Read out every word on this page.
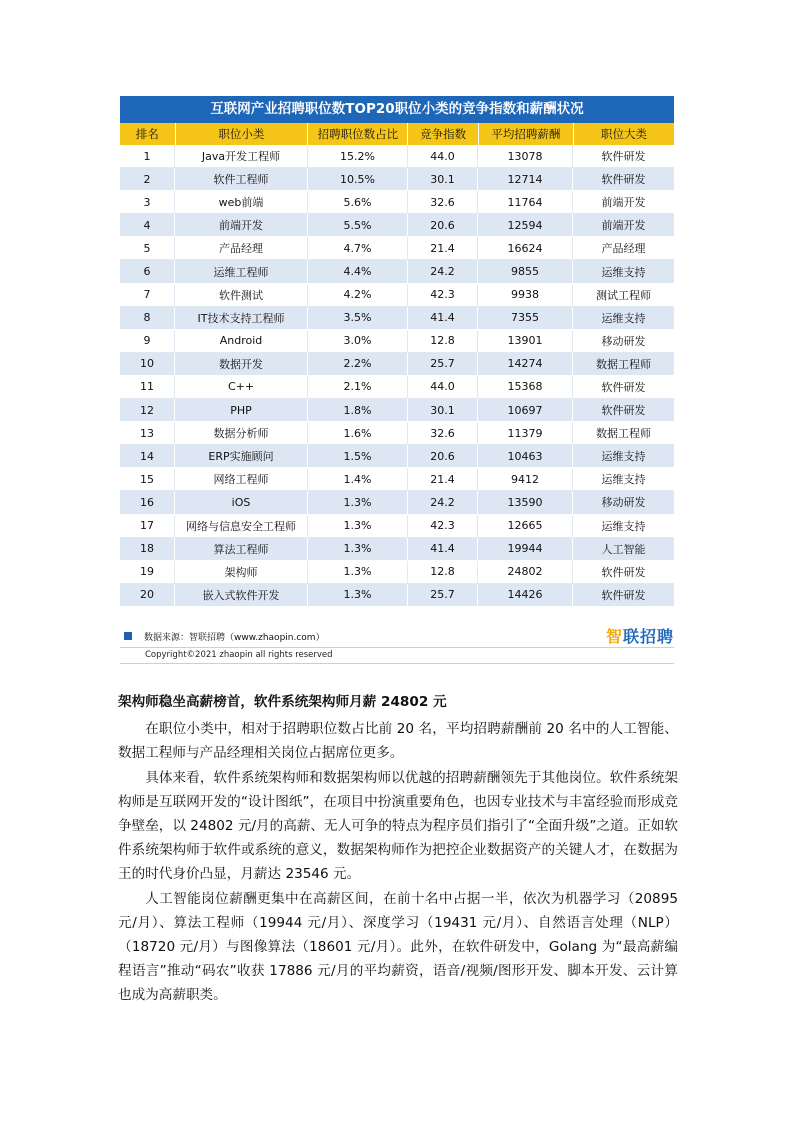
互联网产业招聘职位数TOP20职位小类的竞争指数和薪酬状况
排名	职位小类	招聘职位数占比	竞争指数	平均招聘薪酬	职位大类
1	Java开发工程师	15.2%	44.0	13078	软件研发
2	软件工程师	10.5%	30.1	12714	软件研发
3	web前端	5.6%	32.6	11764	前端开发
4	前端开发	5.5%	20.6	12594	前端开发
5	产品经理	4.7%	21.4	16624	产品经理
6	运维工程师	4.4%	24.2	9855	运维支持
7	软件测试	4.2%	42.3	9938	测试工程师
8	IT技术支持工程师	3.5%	41.4	7355	运维支持
9	Android	3.0%	12.8	13901	移动研发
10	数据开发	2.2%	25.7	14274	数据工程师
11	C++	2.1%	44.0	15368	软件研发
12	PHP	1.8%	30.1	10697	软件研发
13	数据分析师	1.6%	32.6	11379	数据工程师
14	ERP实施顾问	1.5%	20.6	10463	运维支持
15	网络工程师	1.4%	21.4	9412	运维支持
16	iOS	1.3%	24.2	13590	移动研发
17	网络与信息安全工程师	1.3%	42.3	12665	运维支持
18	算法工程师	1.3%	41.4	19944	人工智能
19	架构师	1.3%	12.8	24802	软件研发
20	嵌入式软件开发	1.3%	25.7	14426	软件研发
数据来源：智联招聘（www.zhaopin.com）	智联招聘
Copyright©2021 zhaopin all rights reserved

架构师稳坐高薪榜首，软件系统架构师月薪 24802 元

在职位小类中，相对于招聘职位数占比前 20 名，平均招聘薪酬前 20 名中的人工智能、数据工程师与产品经理相关岗位占据席位更多。

具体来看，软件系统架构师和数据架构师以优越的招聘薪酬领先于其他岗位。软件系统架构师是互联网开发的“设计图纸”，在项目中扮演重要角色，也因专业技术与丰富经验而形成竞争壁垒，以 24802 元/月的高薪、无人可争的特点为程序员们指引了“全面升级”之道。正如软件系统架构师于软件或系统的意义，数据架构师作为把控企业数据资产的关键人才，在数据为王的时代身价凸显，月薪达 23546 元。

人工智能岗位薪酬更集中在高薪区间，在前十名中占据一半，依次为机器学习（20895 元/月）、算法工程师（19944 元/月）、深度学习（19431 元/月）、自然语言处理（NLP）（18720 元/月）与图像算法（18601 元/月）。此外，在软件研发中，Golang 为“最高薪编程语言”推动“码农”收获 17886 元/月的平均薪资，语音/视频/图形开发、脚本开发、云计算也成为高薪职类。
